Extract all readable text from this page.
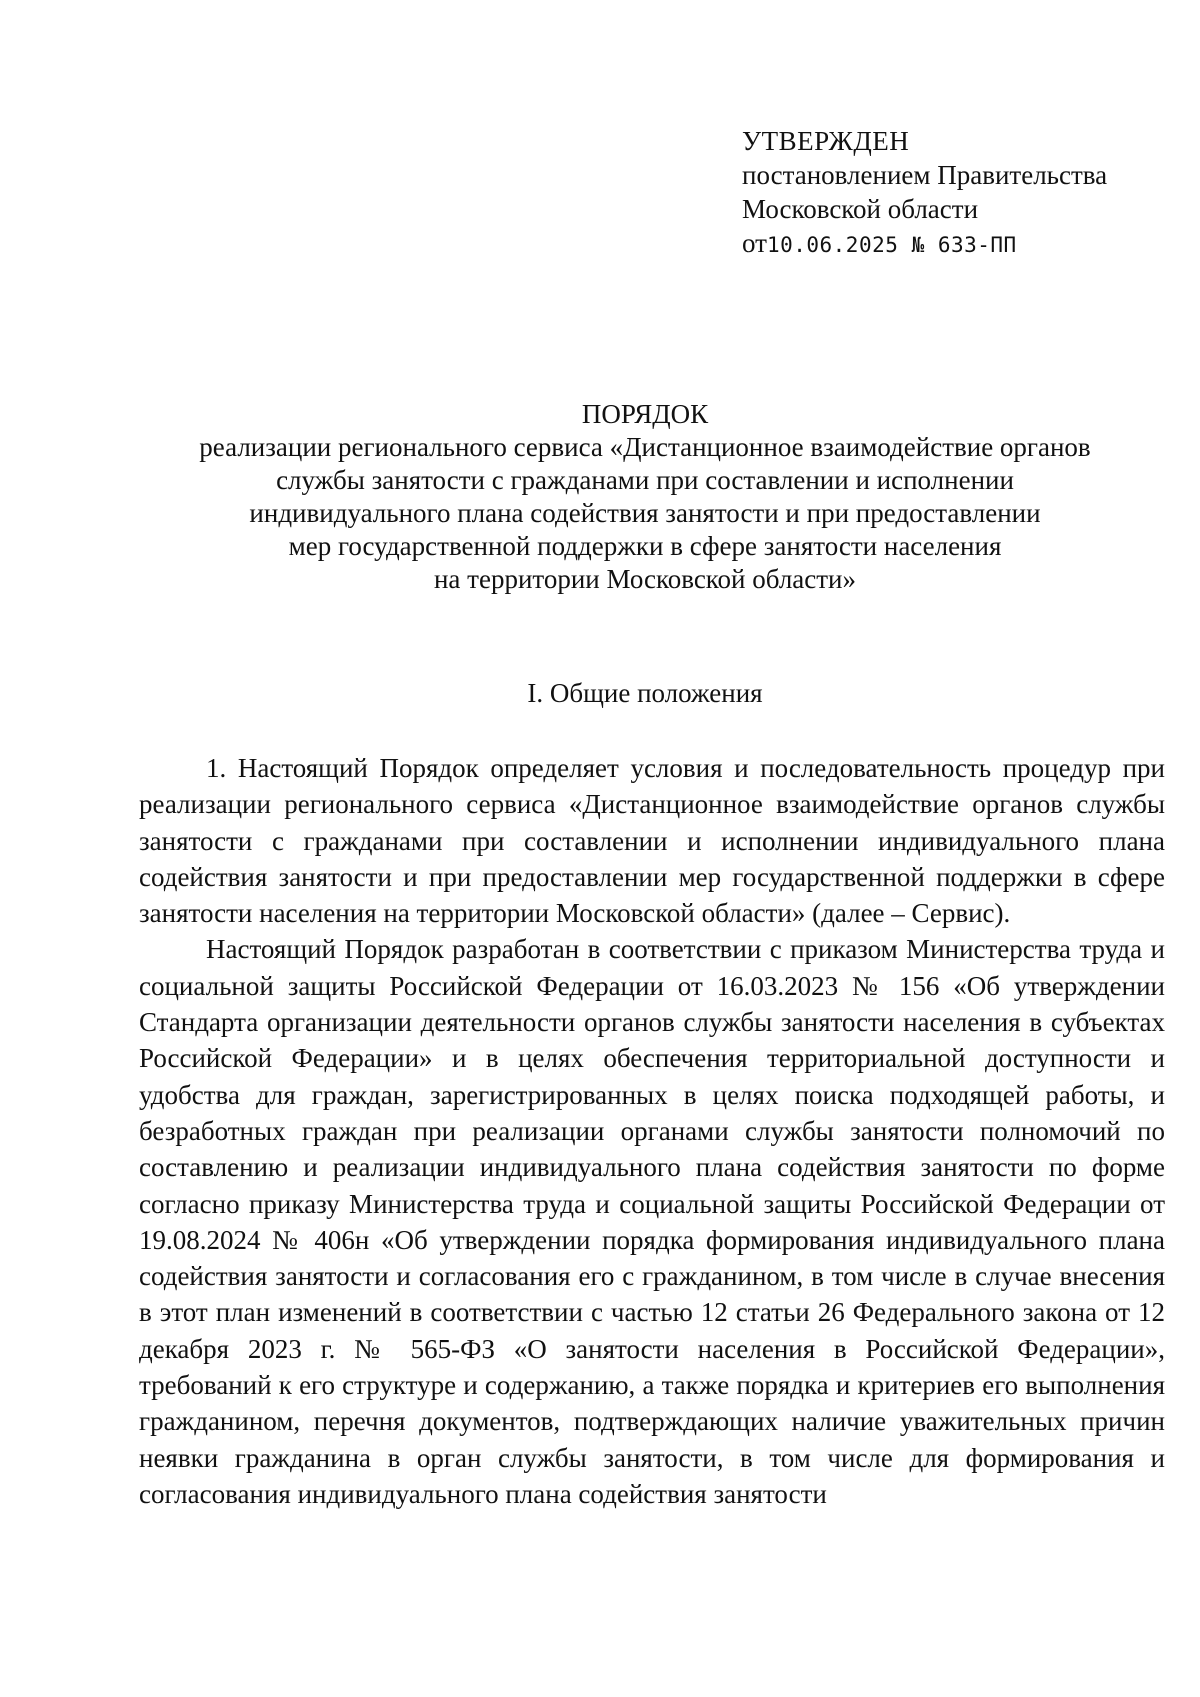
УТВЕРЖДЕН
постановлением Правительства
Московской области
от10.06.2025 № 633-ПП
ПОРЯДОК
реализации регионального сервиса «Дистанционное взаимодействие органов
службы занятости с гражданами при составлении и исполнении
индивидуального плана содействия занятости и при предоставлении
мер государственной поддержки в сфере занятости населения
на территории Московской области»
I. Общие положения

1. Настоящий Порядок определяет условия и последовательность процедур при реализации регионального сервиса «Дистанционное взаимодействие органов службы занятости с гражданами при составлении и исполнении индивидуального плана содействия занятости и при предоставлении мер государственной поддержки в сфере занятости населения на территории Московской области» (далее – Сервис).

Настоящий Порядок разработан в соответствии с приказом Министерства труда и социальной защиты Российской Федерации от 16.03.2023 № 156 «Об утверждении Стандарта организации деятельности органов службы занятости населения в субъектах Российской Федерации» и в целях обеспечения территориальной доступности и удобства для граждан, зарегистрированных в целях поиска подходящей работы, и безработных граждан при реализации органами службы занятости полномочий по составлению и реализации индивидуального плана содействия занятости по форме согласно приказу Министерства труда и социальной защиты Российской Федерации от 19.08.2024 № 406н «Об утверждении порядка формирования индивидуального плана содействия занятости и согласования его с гражданином, в том числе в случае внесения в этот план изменений в соответствии с частью 12 статьи 26 Федерального закона от 12 декабря 2023 г. № 565-ФЗ «О занятости населения в Российской Федерации», требований к его структуре и содержанию, а также порядка и критериев его выполнения гражданином, перечня документов, подтверждающих наличие уважительных причин неявки гражданина в орган службы занятости, в том числе для формирования и согласования индивидуального плана содействия занятости
